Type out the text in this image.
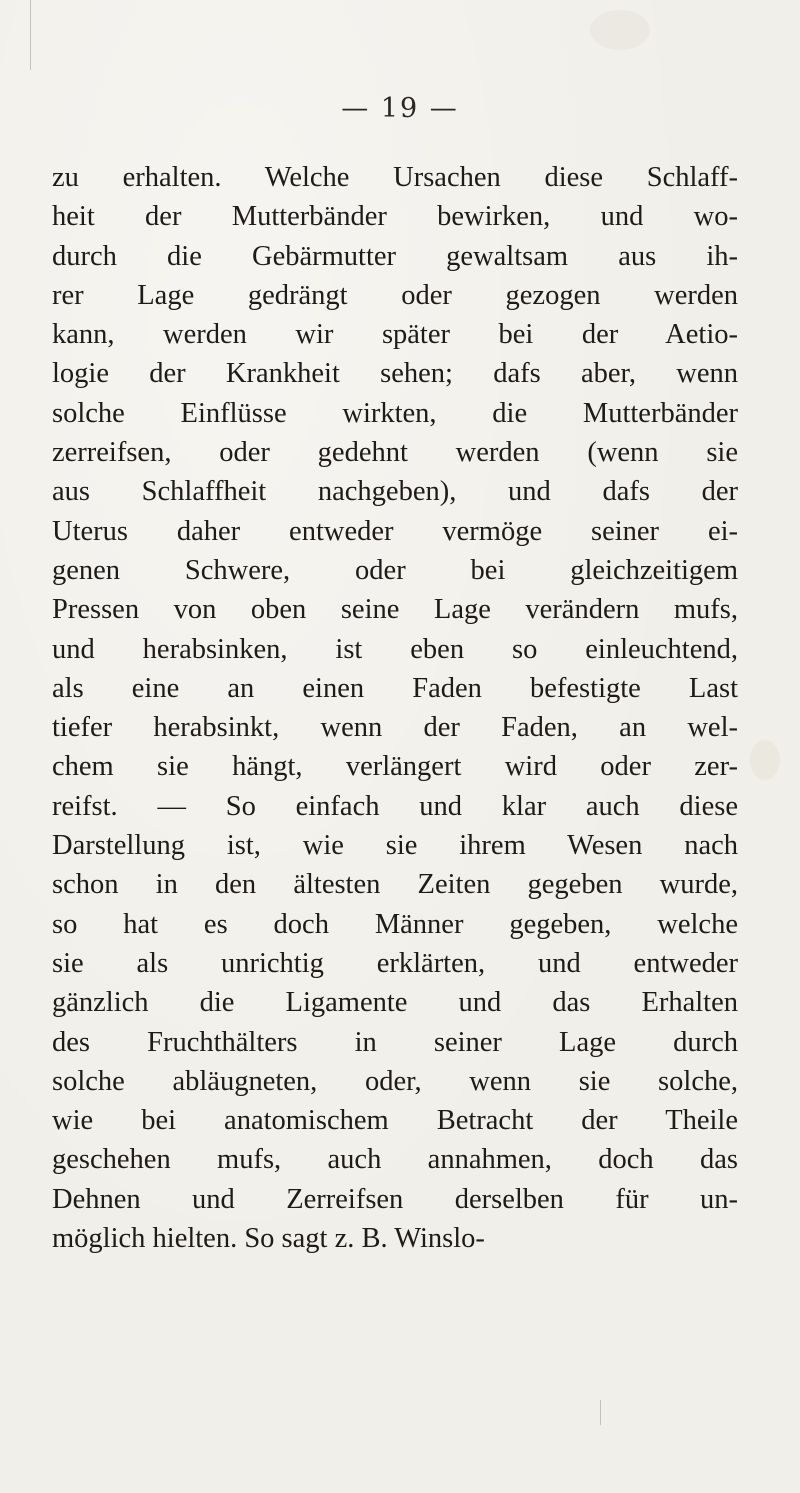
— 19 —
zu erhalten. Welche Ursachen diese Schlaff-
heit der Mutterbänder bewirken, und wo-
durch die Gebärmutter gewaltsam aus ih-
rer Lage gedrängt oder gezogen werden
kann, werden wir später bei der Aetio-
logie der Krankheit sehen; dafs aber, wenn
solche Einflüsse wirkten, die Mutterbänder
zerreifsen, oder gedehnt werden (wenn sie
aus Schlaffheit nachgeben), und dafs der
Uterus daher entweder vermöge seiner ei-
genen Schwere, oder bei gleichzeitigem
Pressen von oben seine Lage verändern mufs,
und herabsinken, ist eben so einleuchtend,
als eine an einen Faden befestigte Last
tiefer herabsinkt, wenn der Faden, an wel-
chem sie hängt, verlängert wird oder zer-
reifst. — So einfach und klar auch diese
Darstellung ist, wie sie ihrem Wesen nach
schon in den ältesten Zeiten gegeben wurde,
so hat es doch Männer gegeben, welche
sie als unrichtig erklärten, und entweder
gänzlich die Ligamente und das Erhalten
des Fruchthälters in seiner Lage durch
solche abläugneten, oder, wenn sie solche,
wie bei anatomischem Betracht der Theile
geschehen mufs, auch annahmen, doch das
Dehnen und Zerreifsen derselben für un-
möglich hielten. So sagt z. B. Winslo-
